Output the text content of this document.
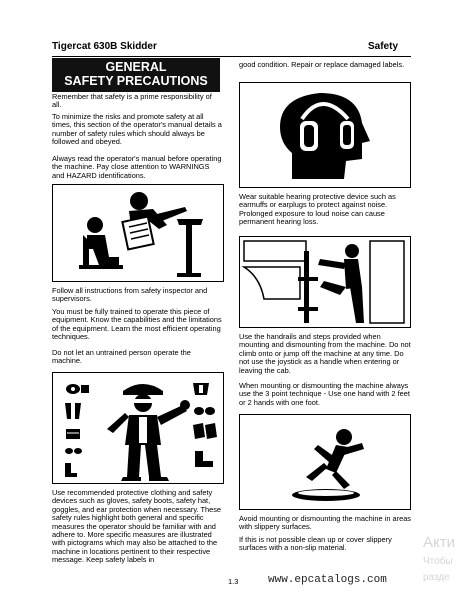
Tigercat 630B Skidder	Safety
GENERAL
SAFETY PRECAUTIONS
Remember that safety is a prime responsibility of all.
To minimize the risks and promote safety at all times, this section of the operator's manual details a number of safety rules which should always be followed and obeyed.
Always read the operator's manual before operating the machine. Pay close attention to WARNINGS and HAZARD identifications.
Follow all instructions from safety inspector and supervisors.
You must be fully trained to operate this piece of equipment. Know the capabilities and the limitations of the equipment. Learn the most efficient operating techniques.
Do not let an untrained person operate the machine.
Use recommended protective clothing and safety devices such as gloves, safety boots, safety hat, goggles, and ear protection when necessary. These safety rules highlight both general and specific measures the operator should be familiar with and adhere to. More specific measures are illustrated with pictograms which may also be attached to the machine in locations pertinent to their respective message. Keep safety labels in
good condition. Repair or replace damaged labels.
Wear suitable hearing protective device such as earmuffs or earplugs to protect against noise. Prolonged exposure to loud noise can cause permanent hearing loss.
Use the handrails and steps provided when mounting and dismounting from the machine. Do not climb onto or jump off the machine at any time. Do not use the joystick as a handle when entering or leaving the cab.
When mounting or dismounting the machine always use the 3 point technique - Use one hand with 2 feet or 2 hands with one foot.
Avoid mounting or dismounting the machine in areas with slippery surfaces.
If this is not possible clean up or cover slippery surfaces with a non-slip material.
1.3	www.epcatalogs.com
Акти
Чтобы
разде
